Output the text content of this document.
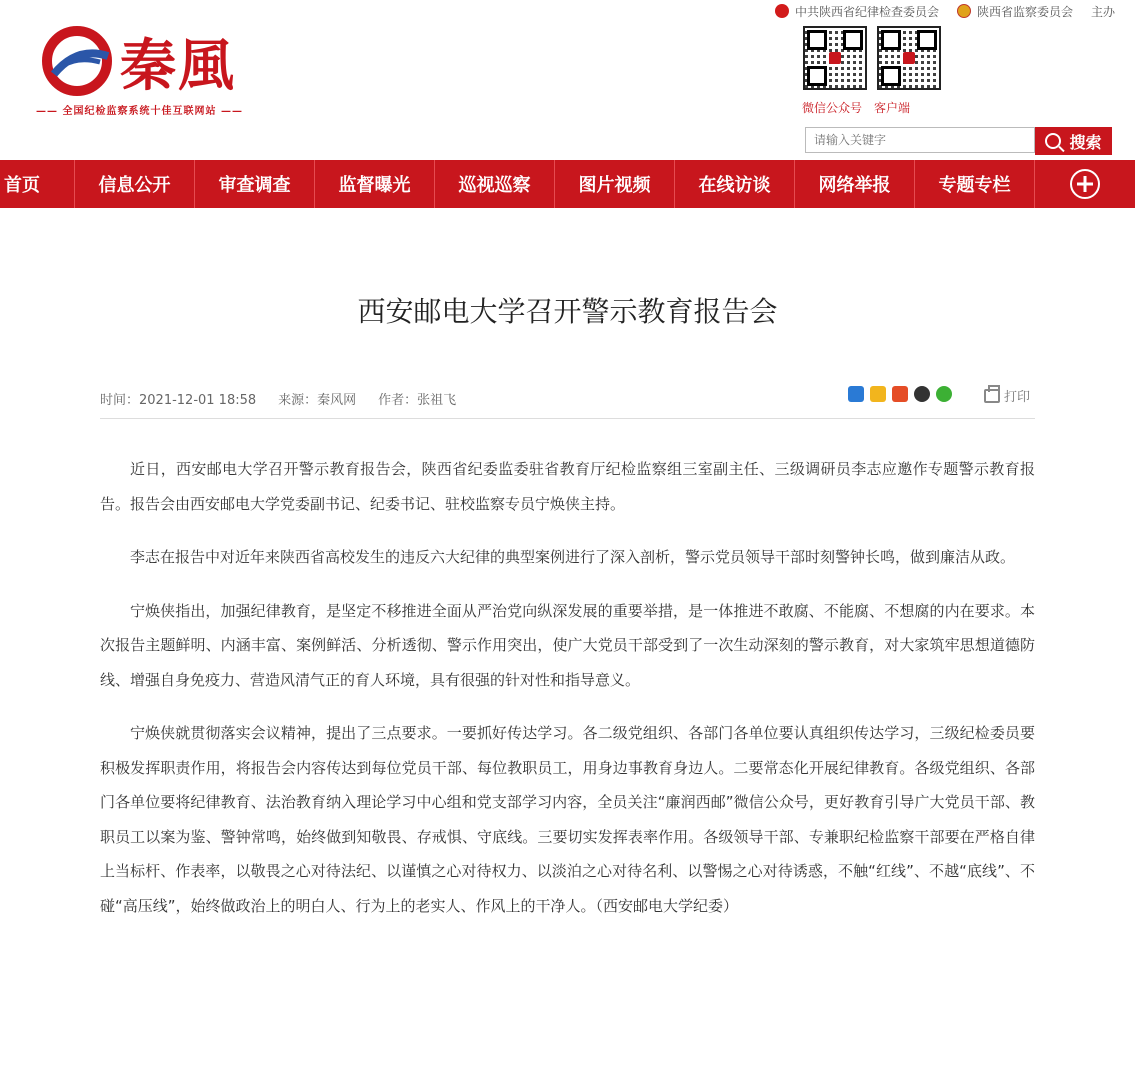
中共陕西省纪律检查委员会	陕西省监察委员会 主办
秦風
—— 全国纪检监察系统十佳互联网站 ——	微信公众号 客户端
请输入关键字
搜索
首页	信息公开	审查调查	监督曝光	巡视巡察	图片视频	在线访谈	网络举报	专题专栏
西安邮电大学召开警示教育报告会
时间：2021-12-01 18:58 来源：秦风网 作者：张祖飞	打印

近日，西安邮电大学召开警示教育报告会，陕西省纪委监委驻省教育厅纪检监察组三室副主任、三级调研员李志应邀作专题警示教育报告。报告会由西安邮电大学党委副书记、纪委书记、驻校监察专员宁焕侠主持。

李志在报告中对近年来陕西省高校发生的违反六大纪律的典型案例进行了深入剖析，警示党员领导干部时刻警钟长鸣，做到廉洁从政。

宁焕侠指出，加强纪律教育，是坚定不移推进全面从严治党向纵深发展的重要举措，是一体推进不敢腐、不能腐、不想腐的内在要求。本次报告主题鲜明、内涵丰富、案例鲜活、分析透彻、警示作用突出，使广大党员干部受到了一次生动深刻的警示教育，对大家筑牢思想道德防线、增强自身免疫力、营造风清气正的育人环境，具有很强的针对性和指导意义。

宁焕侠就贯彻落实会议精神，提出了三点要求。一要抓好传达学习。各二级党组织、各部门各单位要认真组织传达学习，三级纪检委员要积极发挥职责作用，将报告会内容传达到每位党员干部、每位教职员工，用身边事教育身边人。二要常态化开展纪律教育。各级党组织、各部门各单位要将纪律教育、法治教育纳入理论学习中心组和党支部学习内容，全员关注“廉润西邮”微信公众号，更好教育引导广大党员干部、教职员工以案为鉴、警钟常鸣，始终做到知敬畏、存戒惧、守底线。三要切实发挥表率作用。各级领导干部、专兼职纪检监察干部要在严格自律上当标杆、作表率，以敬畏之心对待法纪、以谨慎之心对待权力、以淡泊之心对待名利、以警惕之心对待诱惑，不触“红线”、不越“底线”、不碰“高压线”，始终做政治上的明白人、行为上的老实人、作风上的干净人。（西安邮电大学纪委）
